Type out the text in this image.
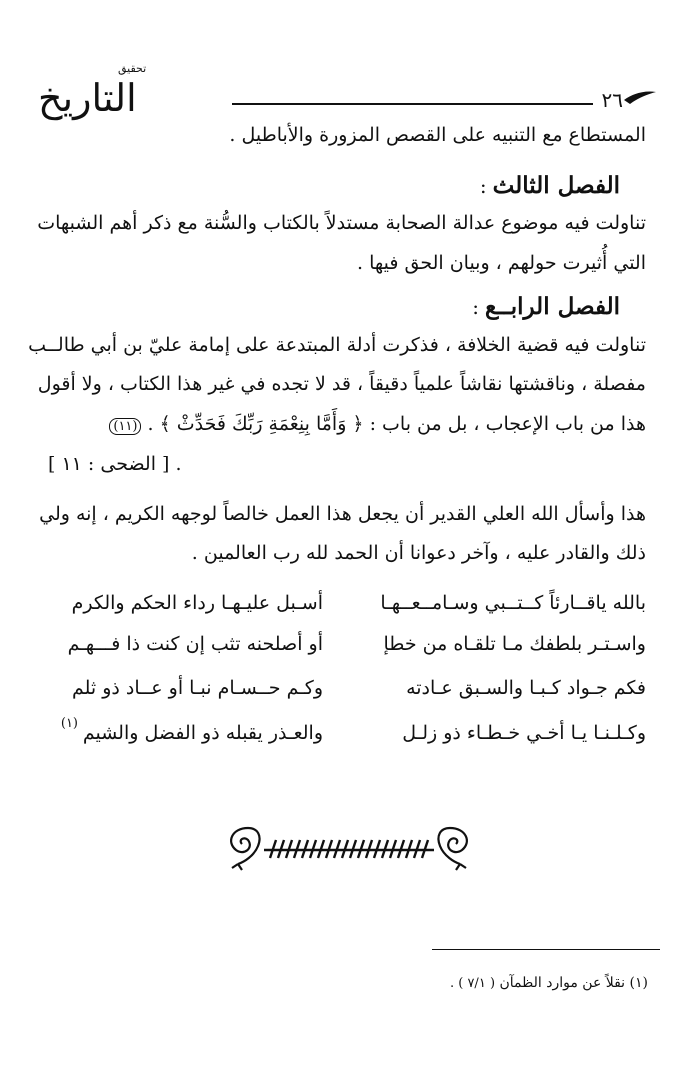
٢٦
تحقيق
التاريخ
المستطاع مع التنبيه على القصص المزورة والأباطيل .
الفصل الثالث :
تناولت فيه موضوع عدالة الصحابة مستدلاً بالكتاب والسُّنة مع ذكر أهم الشبهات
التي أُثيرت حولهم ، وبيان الحق فيها .
الفصل الرابــع :
تناولت فيه قضية الخلافة ، فذكرت أدلة المبتدعة على إمامة عليّ بن أبي طالــب
مفصلة ، وناقشتها نقاشاً علمياً دقيقاً ، قد لا تجده في غير هذا الكتاب ، ولا أقول
هذا من باب الإعجاب ، بل من باب : ﴿ وَأَمَّا بِنِعْمَةِ رَبِّكَ فَحَدِّثْ ﴾ . (١١)
[ الضحى : ١١ ] .
هذا وأسأل الله العلي القدير أن يجعل هذا العمل خالصاً لوجهه الكريم ، إنه ولي
ذلك والقادر عليه ، وآخر دعوانا أن الحمد لله رب العالمين .
بالله ياقــارئاً كــتــبي وسـامــعــهـا
أسـبل عليـهـا رداء الحكم والكرم
واسـتـر بلطفك مـا تلقـاه من خطإ
أو أصلحنه تثب إن كنت ذا فـــهـم
فكم جـواد كـبـا والسـبق عـادته
وكـم حــسـام نبـا أو عــاد ذو ثلم
وكـلـنـا يـا أخـي خـطـاء ذو زلـل
والعـذر يقبله ذو الفضل والشيم
(١)
(١) نقلاً عن موارد الظمآن ( ٧/١ ) .
